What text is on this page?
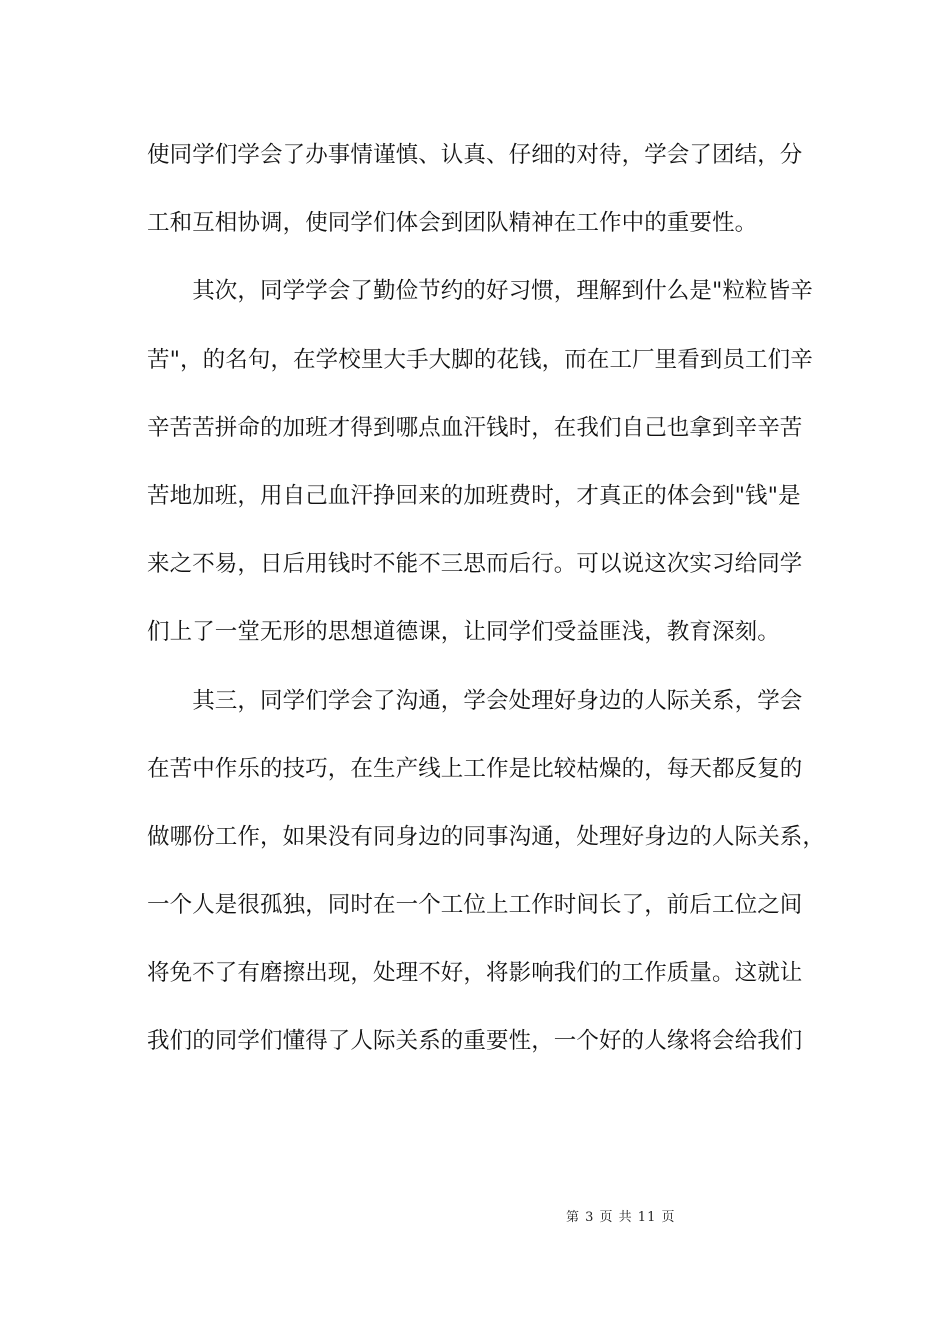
使同学们学会了办事情谨慎、认真、仔细的对待，学会了团结，分
工和互相协调，使同学们体会到团队精神在工作中的重要性。
　　其次，同学学会了勤俭节约的好习惯，理解到什么是"粒粒皆辛
苦"，的名句，在学校里大手大脚的花钱，而在工厂里看到员工们辛
辛苦苦拼命的加班才得到哪点血汗钱时，在我们自己也拿到辛辛苦
苦地加班，用自己血汗挣回来的加班费时，才真正的体会到"钱"是
来之不易，日后用钱时不能不三思而后行。可以说这次实习给同学
们上了一堂无形的思想道德课，让同学们受益匪浅，教育深刻。
　　其三，同学们学会了沟通，学会处理好身边的人际关系，学会
在苦中作乐的技巧，在生产线上工作是比较枯燥的，每天都反复的
做哪份工作，如果没有同身边的同事沟通，处理好身边的人际关系，
一个人是很孤独，同时在一个工位上工作时间长了，前后工位之间
将免不了有磨擦出现，处理不好，将影响我们的工作质量。这就让
我们的同学们懂得了人际关系的重要性，一个好的人缘将会给我们
第 3 页 共 11 页
